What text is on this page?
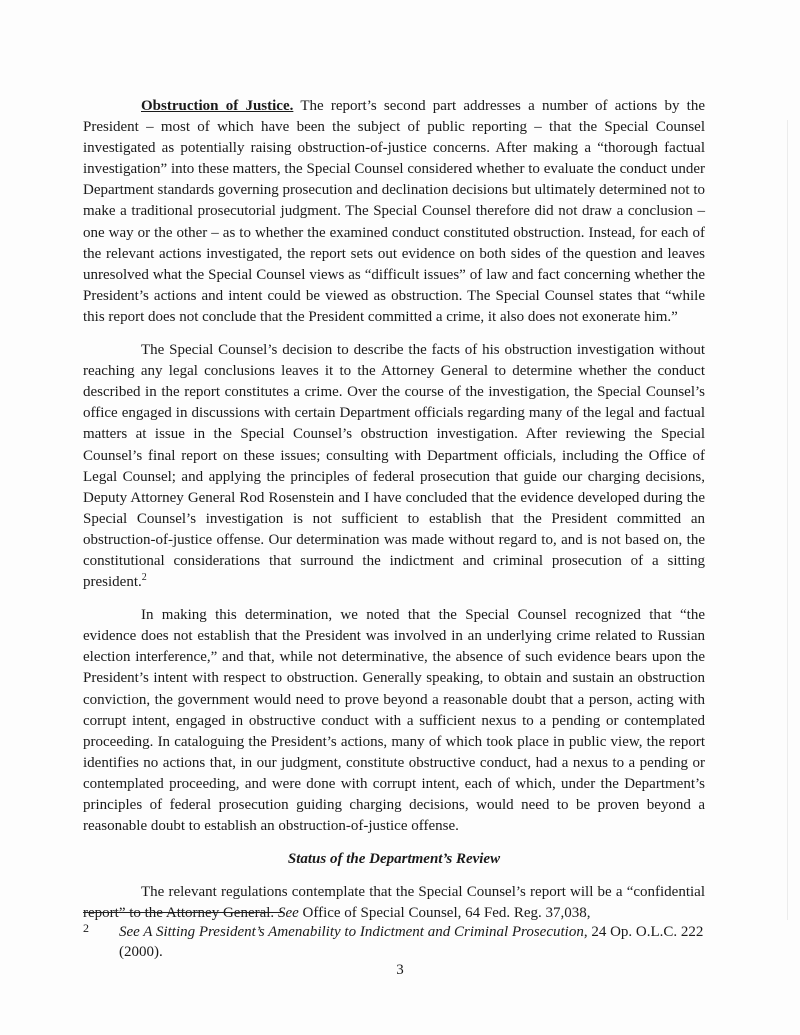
Obstruction of Justice. The report’s second part addresses a number of actions by the President – most of which have been the subject of public reporting – that the Special Counsel investigated as potentially raising obstruction-of-justice concerns. After making a “thorough factual investigation” into these matters, the Special Counsel considered whether to evaluate the conduct under Department standards governing prosecution and declination decisions but ultimately determined not to make a traditional prosecutorial judgment. The Special Counsel therefore did not draw a conclusion – one way or the other – as to whether the examined conduct constituted obstruction. Instead, for each of the relevant actions investigated, the report sets out evidence on both sides of the question and leaves unresolved what the Special Counsel views as “difficult issues” of law and fact concerning whether the President’s actions and intent could be viewed as obstruction. The Special Counsel states that “while this report does not conclude that the President committed a crime, it also does not exonerate him.”

The Special Counsel’s decision to describe the facts of his obstruction investigation without reaching any legal conclusions leaves it to the Attorney General to determine whether the conduct described in the report constitutes a crime. Over the course of the investigation, the Special Counsel’s office engaged in discussions with certain Department officials regarding many of the legal and factual matters at issue in the Special Counsel’s obstruction investigation. After reviewing the Special Counsel’s final report on these issues; consulting with Department officials, including the Office of Legal Counsel; and applying the principles of federal prosecution that guide our charging decisions, Deputy Attorney General Rod Rosenstein and I have concluded that the evidence developed during the Special Counsel’s investigation is not sufficient to establish that the President committed an obstruction-of-justice offense. Our determination was made without regard to, and is not based on, the constitutional considerations that surround the indictment and criminal prosecution of a sitting president.$^2$

In making this determination, we noted that the Special Counsel recognized that “the evidence does not establish that the President was involved in an underlying crime related to Russian election interference,” and that, while not determinative, the absence of such evidence bears upon the President’s intent with respect to obstruction. Generally speaking, to obtain and sustain an obstruction conviction, the government would need to prove beyond a reasonable doubt that a person, acting with corrupt intent, engaged in obstructive conduct with a sufficient nexus to a pending or contemplated proceeding. In cataloguing the President’s actions, many of which took place in public view, the report identifies no actions that, in our judgment, constitute obstructive conduct, had a nexus to a pending or contemplated proceeding, and were done with corrupt intent, each of which, under the Department’s principles of federal prosecution guiding charging decisions, would need to be proven beyond a reasonable doubt to establish an obstruction-of-justice offense.

Status of the Department’s Review

The relevant regulations contemplate that the Special Counsel’s report will be a “confidential report” to the Attorney General. See Office of Special Counsel, 64 Fed. Reg. 37,038,

2 See A Sitting President’s Amenability to Indictment and Criminal Prosecution, 24 Op. O.L.C. 222 (2000).
3
